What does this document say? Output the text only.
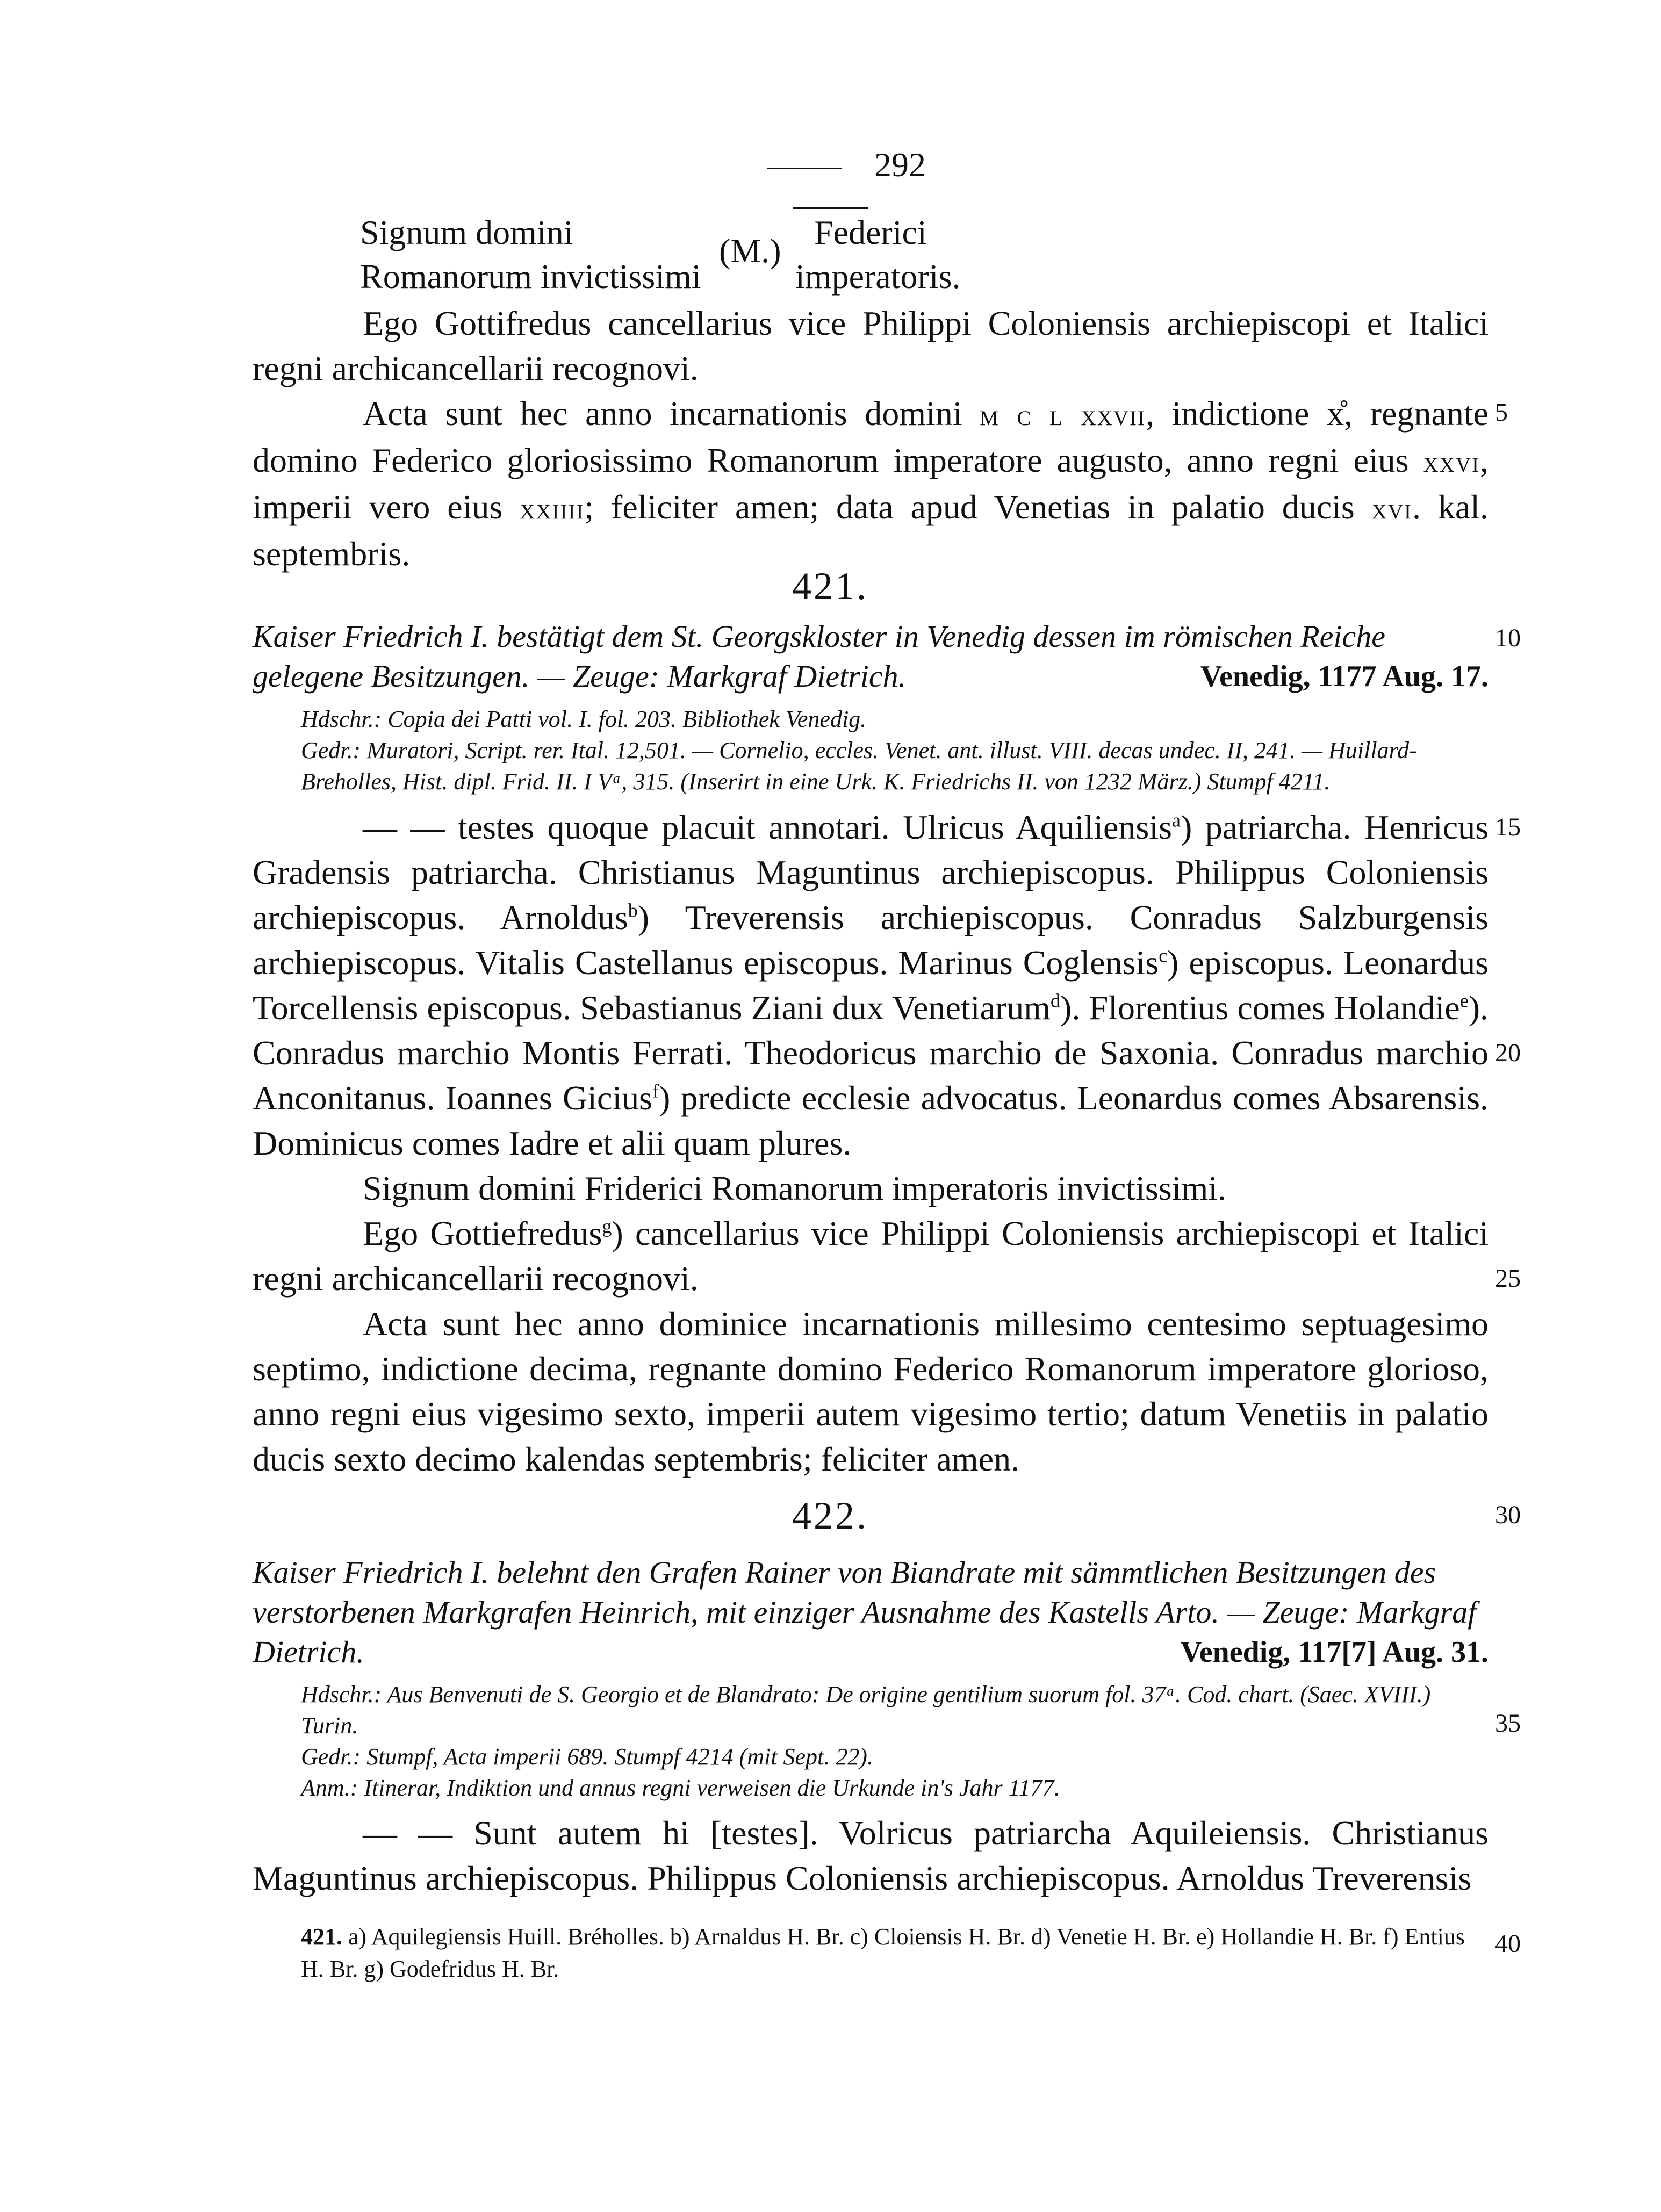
292
Signum domini
Romanorum invictissimi
(M.) Federici
imperatoris.
Ego Gottifredus cancellarius vice Philippi Coloniensis archiepiscopi et Italici regni archicancellarii recognovi.
Acta sunt hec anno incarnationis domini m c l xxvii, indictione x̊, regnante
domino Federico gloriosissimo Romanorum imperatore augusto, anno regni eius xxvi,
imperii vero eius xxiiii; feliciter amen; data apud Venetias in palatio ducis xvi. kal.
septembris.
421.
Kaiser Friedrich I. bestätigt dem St. Georgskloster in Venedig dessen im römischen Reiche gelegene Besitzungen. — Zeuge: Markgraf Dietrich.	Venedig, 1177 Aug. 17.
Hdschr.: Copia dei Patti vol. I. fol. 203. Bibliothek Venedig.
Gedr.: Muratori, Script. rer. Ital. 12,501. — Cornelio, eccles. Venet. ant. illust. VIII. decas undec. II, 241. — Huillard-Breholles, Hist. dipl. Frid. II. I Vᵃ, 315. (Inserirt in eine Urk. K. Friedrichs II. von 1232 März.) Stumpf 4211.
— — testes quoque placuit annotari. Ulricus Aquiliensis$^a$) patriarcha. Henricus Gradensis patriarcha. Christianus Maguntinus archiepiscopus. Philippus Coloniensis archiepiscopus. Arnoldus$^b$) Treverensis archiepiscopus. Conradus Salzburgensis archiepiscopus. Vitalis Castellanus episcopus. Marinus Coglensis$^c$) episcopus. Leonardus Torcellensis episcopus. Sebastianus Ziani dux Venetiarum$^d$). Florentius comes Holandie$^e$). Conradus marchio Montis Ferrati. Theodoricus marchio de Saxonia. Conradus marchio Anconitanus. Ioannes Gicius$^f$) predicte ecclesie advocatus. Leonardus comes Absarensis. Dominicus comes Iadre et alii quam plures.
Signum domini Friderici Romanorum imperatoris invictissimi.
Ego Gottiefredus$^g$) cancellarius vice Philippi Coloniensis archiepiscopi et Italici regni archicancellarii recognovi.
Acta sunt hec anno dominice incarnationis millesimo centesimo septuagesimo septimo, indictione decima, regnante domino Federico Romanorum imperatore glorioso, anno regni eius vigesimo sexto, imperii autem vigesimo tertio; datum Venetiis in palatio ducis sexto decimo kalendas septembris; feliciter amen.
422.
Kaiser Friedrich I. belehnt den Grafen Rainer von Biandrate mit sämmtlichen Besitzungen des verstorbenen Markgrafen Heinrich, mit einziger Ausnahme des Kastells Arto. — Zeuge: Markgraf Dietrich.	Venedig, 117[7] Aug. 31.
Hdschr.: Aus Benvenuti de S. Georgio et de Blandrato: De origine gentilium suorum fol. 37ᵃ. Cod. chart. (Saec. XVIII.) Turin.
Gedr.: Stumpf, Acta imperii 689. Stumpf 4214 (mit Sept. 22).
Anm.: Itinerar, Indiktion und annus regni verweisen die Urkunde in's Jahr 1177.
— — Sunt autem hi [testes]. Volricus patriarcha Aquileiensis. Christianus Maguntinus archiepiscopus. Philippus Coloniensis archiepiscopus. Arnoldus Treverensis
421. a) Aquilegiensis Huill. Bréholles. b) Arnaldus H. Br. c) Cloiensis H. Br. d) Venetie H. Br. e) Hollandie H. Br. f) Entius H. Br. g) Godefridus H. Br.
5
10
15
20
25
30
35
40
